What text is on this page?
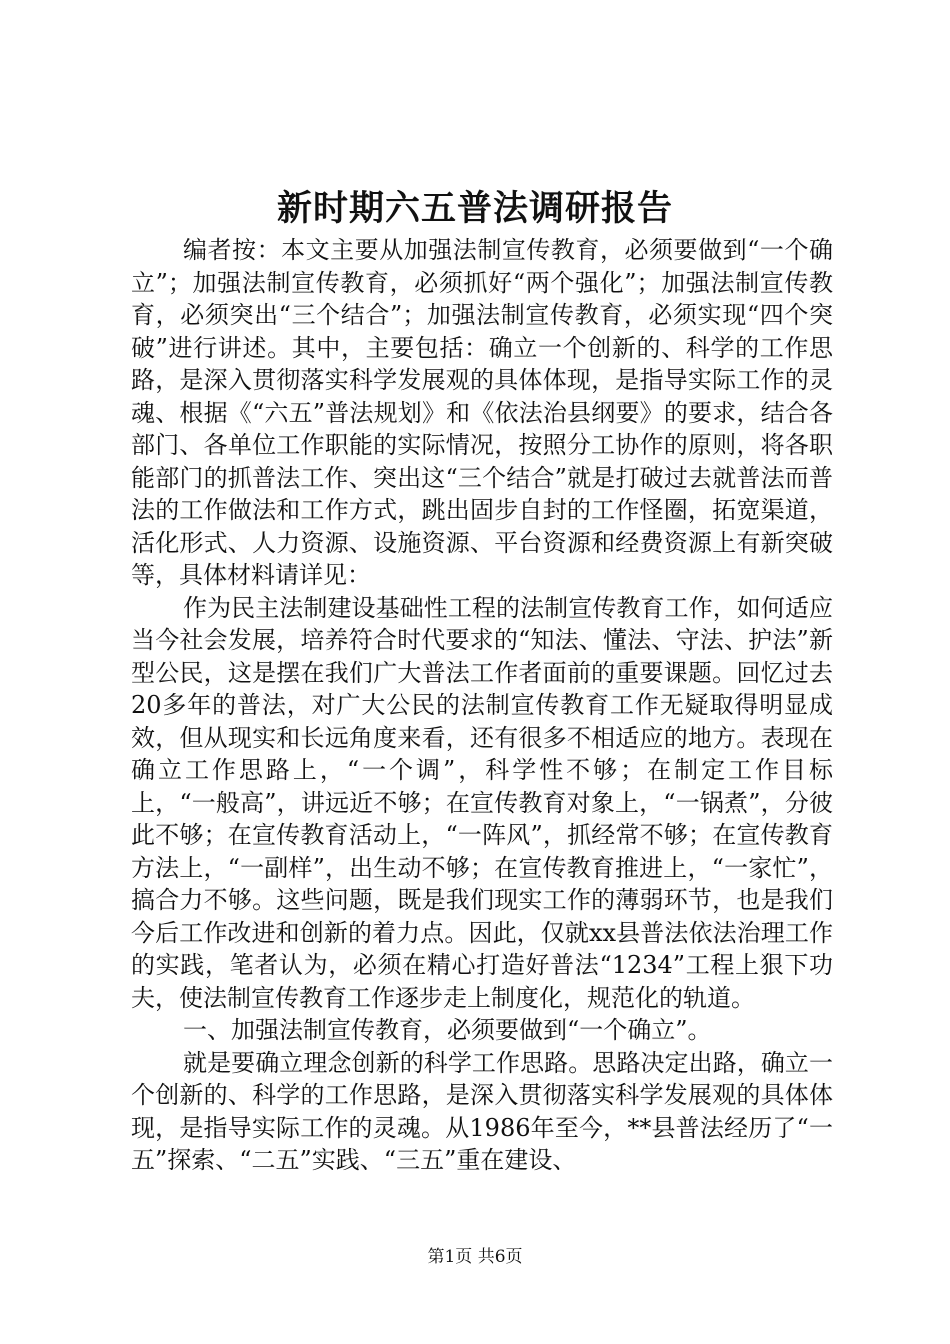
新时期六五普法调研报告

编者按：本文主要从加强法制宣传教育，必须要做到“一个确立”；加强法制宣传教育，必须抓好“两个强化”；加强法制宣传教育，必须突出“三个结合”；加强法制宣传教育，必须实现“四个突破”进行讲述。其中，主要包括：确立一个创新的、科学的工作思路，是深入贯彻落实科学发展观的具体体现，是指导实际工作的灵魂、根据《“六五”普法规划》和《依法治县纲要》的要求，结合各部门、各单位工作职能的实际情况，按照分工协作的原则，将各职能部门的抓普法工作、突出这“三个结合”就是打破过去就普法而普法的工作做法和工作方式，跳出固步自封的工作怪圈，拓宽渠道，活化形式、人力资源、设施资源、平台资源和经费资源上有新突破等，具体材料请详见：

作为民主法制建设基础性工程的法制宣传教育工作，如何适应当今社会发展，培养符合时代要求的“知法、懂法、守法、护法”新型公民，这是摆在我们广大普法工作者面前的重要课题。回忆过去20多年的普法，对广大公民的法制宣传教育工作无疑取得明显成效，但从现实和长远角度来看，还有很多不相适应的地方。表现在确立工作思路上，“一个调”，科学性不够；在制定工作目标上，“一般高”，讲远近不够；在宣传教育对象上，“一锅煮”，分彼此不够；在宣传教育活动上，“一阵风”，抓经常不够；在宣传教育方法上，“一副样”，出生动不够；在宣传教育推进上，“一家忙”，搞合力不够。这些问题，既是我们现实工作的薄弱环节，也是我们今后工作改进和创新的着力点。因此，仅就xx县普法依法治理工作的实践，笔者认为，必须在精心打造好普法“1234”工程上狠下功夫，使法制宣传教育工作逐步走上制度化，规范化的轨道。

一、加强法制宣传教育，必须要做到“一个确立”。

就是要确立理念创新的科学工作思路。思路决定出路，确立一个创新的、科学的工作思路，是深入贯彻落实科学发展观的具体体现，是指导实际工作的灵魂。从1986年至今，**县普法经历了“一五”探索、“二五”实践、“三五”重在建设、

第1页 共6页
